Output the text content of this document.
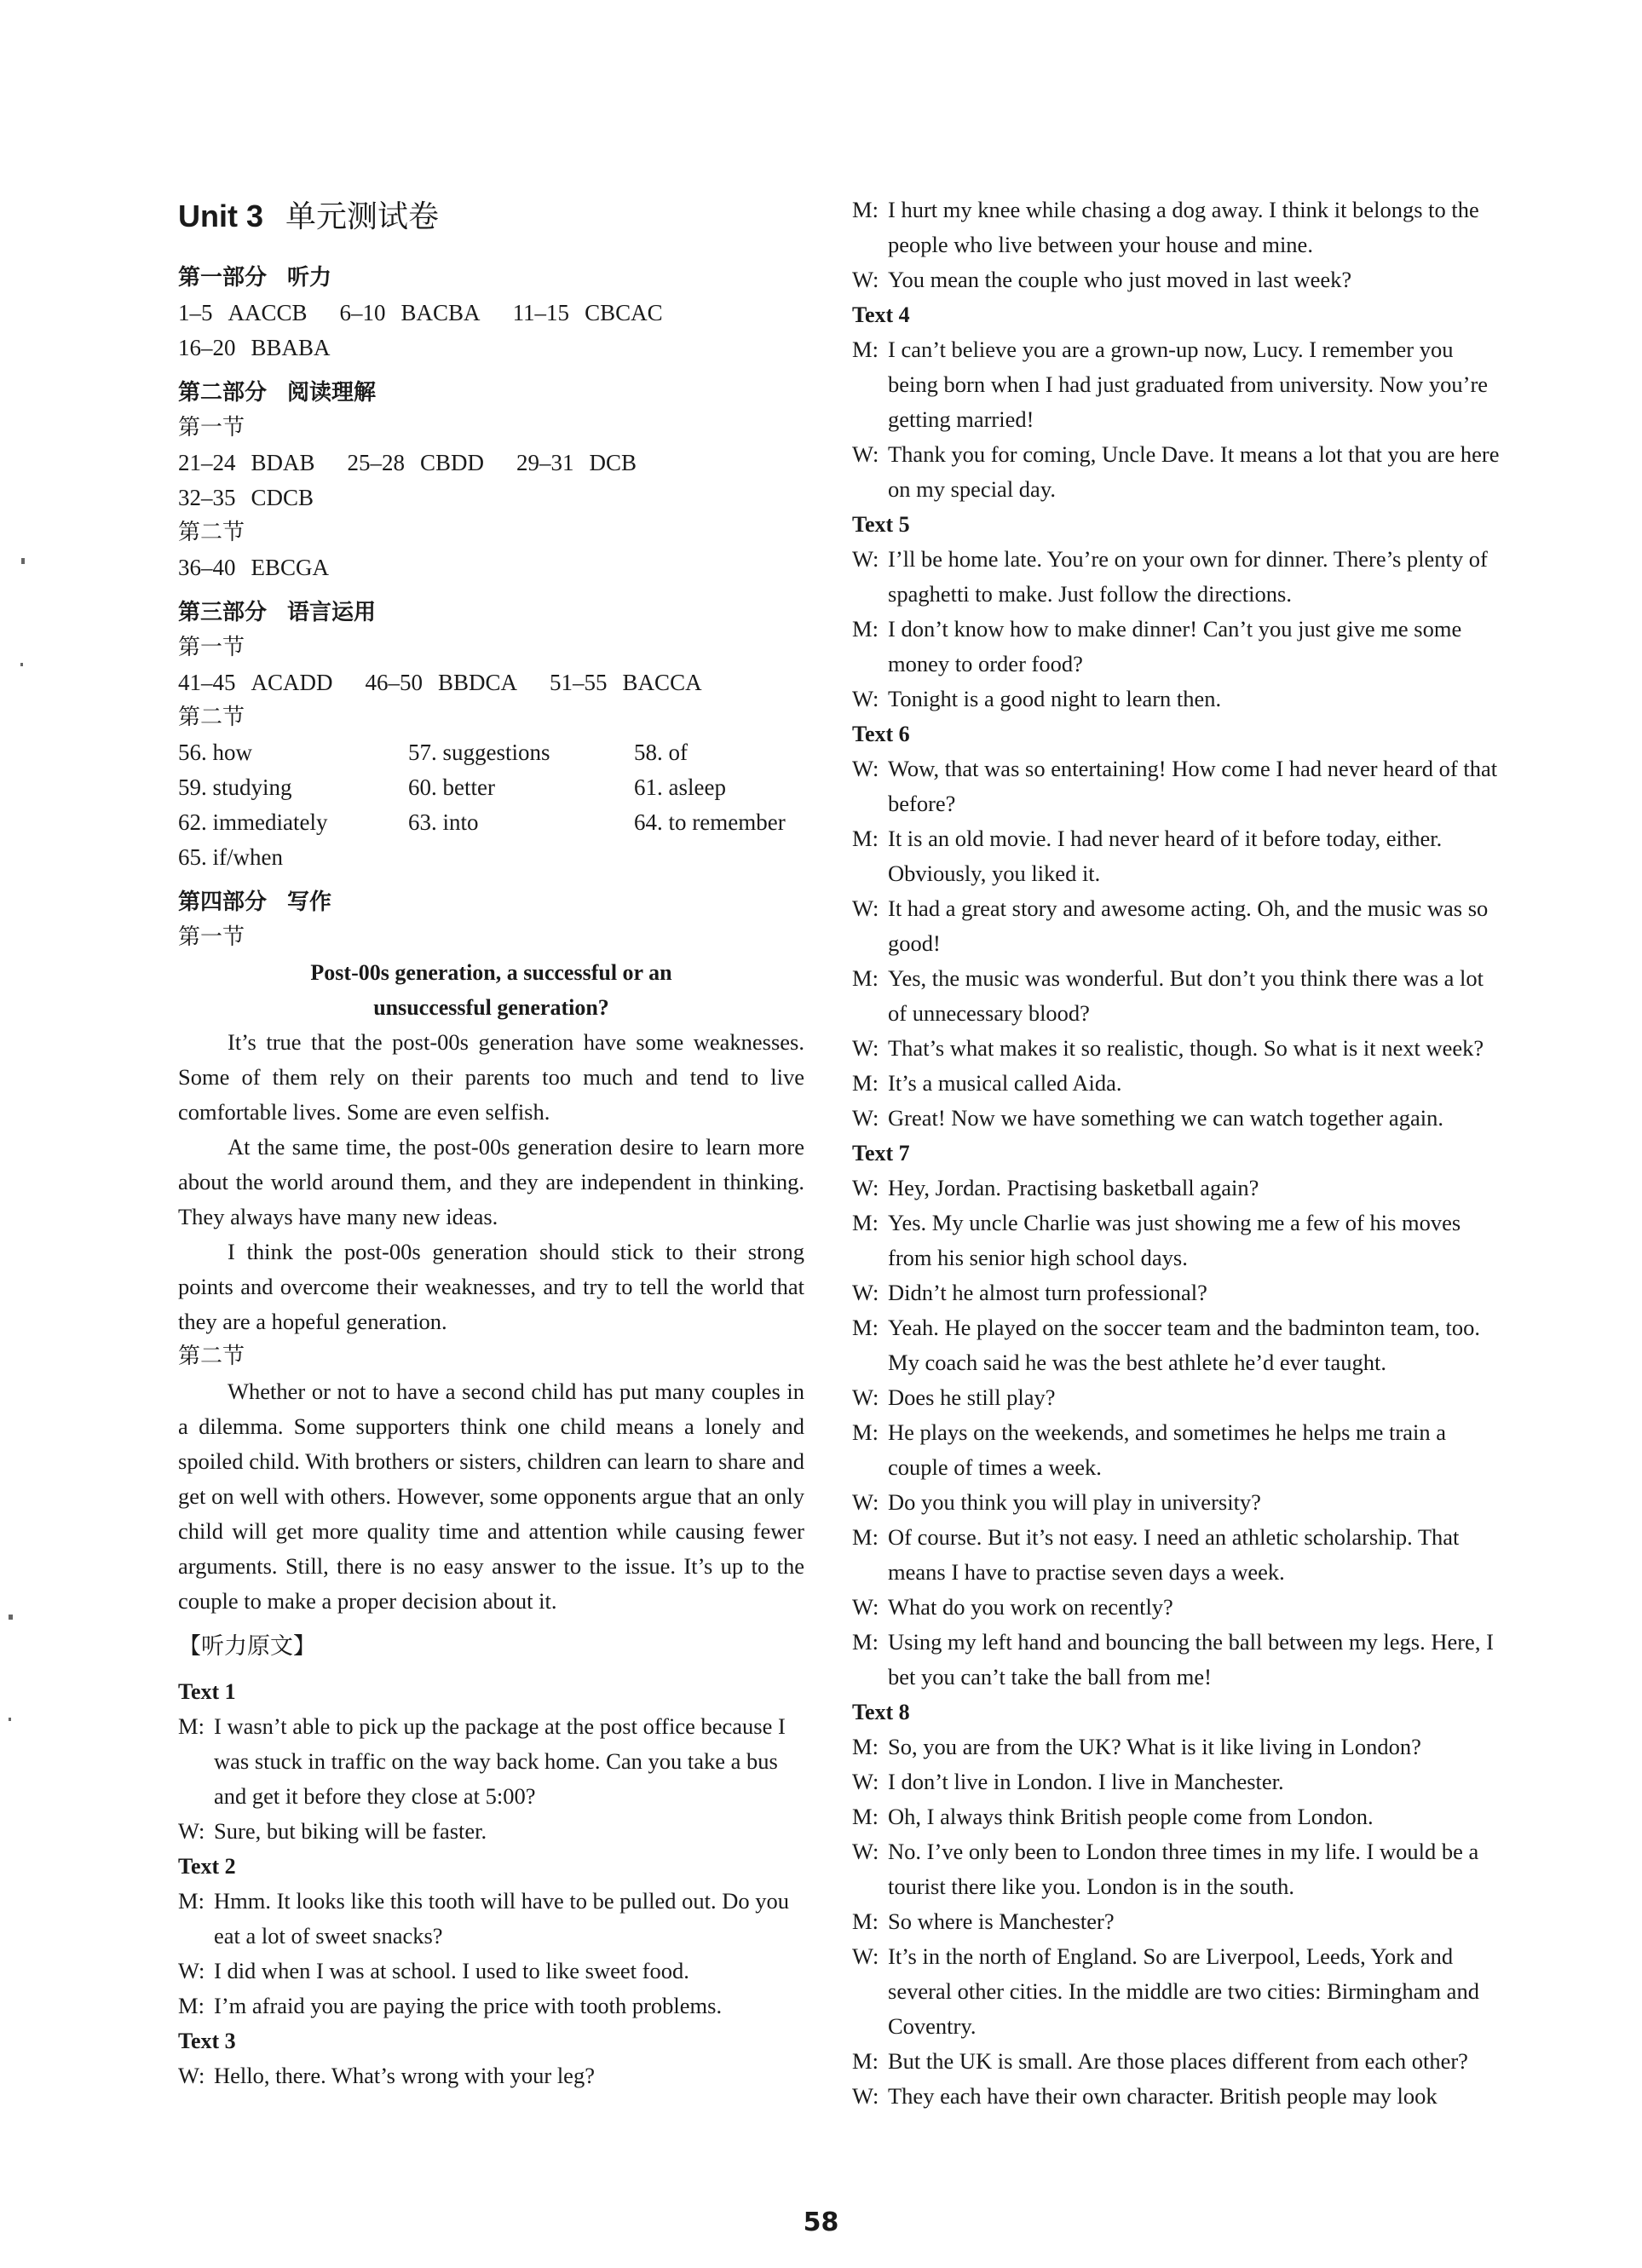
Unit 3 单元测试卷
第一部分 听力
1–5 AACCB 6–10 BACBA 11–15 CBCAC
16–20 BBABA
第二部分 阅读理解
第一节
21–24 BDAB 25–28 CBDD 29–31 DCB
32–35 CDCB
第二节
36–40 EBCGA
第三部分 语言运用
第一节
41–45 ACADD 46–50 BBDCA 51–55 BACCA
第二节
56. how	57. suggestions	58. of
59. studying	60. better	61. asleep
62. immediately	63. into	64. to remember
65. if/when
第四部分 写作
第一节
Post-00s generation, a successful or an
unsuccessful generation?

It’s true that the post-00s generation have some weaknesses. Some of them rely on their parents too much and tend to live comfortable lives. Some are even selfish.

At the same time, the post-00s generation desire to learn more about the world around them, and they are independent in thinking. They always have many new ideas.

I think the post-00s generation should stick to their strong points and overcome their weaknesses, and try to tell the world that they are a hopeful generation.

第二节

Whether or not to have a second child has put many couples in a dilemma. Some supporters think one child means a lonely and spoiled child. With brothers or sisters, children can learn to share and get on well with others. However, some opponents argue that an only child will get more quality time and attention while causing fewer arguments. Still, there is no easy answer to the issue. It’s up to the couple to make a proper decision about it.

【听力原文】
Text 1

M: I wasn’t able to pick up the package at the post office because I was stuck in traffic on the way back home. Can you take a bus and get it before they close at 5:00?

W: Sure, but biking will be faster.

Text 2

M: Hmm. It looks like this tooth will have to be pulled out. Do you eat a lot of sweet snacks?

W: I did when I was at school. I used to like sweet food.

M: I’m afraid you are paying the price with tooth problems.

Text 3

W: Hello, there. What’s wrong with your leg?

M: I hurt my knee while chasing a dog away. I think it belongs to the people who live between your house and mine.

W: You mean the couple who just moved in last week?

Text 4

M: I can’t believe you are a grown-up now, Lucy. I remember you being born when I had just graduated from university. Now you’re getting married!

W: Thank you for coming, Uncle Dave. It means a lot that you are here on my special day.

Text 5

W: I’ll be home late. You’re on your own for dinner. There’s plenty of spaghetti to make. Just follow the directions.

M: I don’t know how to make dinner! Can’t you just give me some money to order food?

W: Tonight is a good night to learn then.

Text 6

W: Wow, that was so entertaining! How come I had never heard of that before?

M: It is an old movie. I had never heard of it before today, either. Obviously, you liked it.

W: It had a great story and awesome acting. Oh, and the music was so good!

M: Yes, the music was wonderful. But don’t you think there was a lot of unnecessary blood?

W: That’s what makes it so realistic, though. So what is it next week?

M: It’s a musical called Aida.

W: Great! Now we have something we can watch together again.

Text 7

W: Hey, Jordan. Practising basketball again?

M: Yes. My uncle Charlie was just showing me a few of his moves from his senior high school days.

W: Didn’t he almost turn professional?

M: Yeah. He played on the soccer team and the badminton team, too. My coach said he was the best athlete he’d ever taught.

W: Does he still play?

M: He plays on the weekends, and sometimes he helps me train a couple of times a week.

W: Do you think you will play in university?

M: Of course. But it’s not easy. I need an athletic scholarship. That means I have to practise seven days a week.

W: What do you work on recently?

M: Using my left hand and bouncing the ball between my legs. Here, I bet you can’t take the ball from me!

Text 8

M: So, you are from the UK? What is it like living in London?

W: I don’t live in London. I live in Manchester.

M: Oh, I always think British people come from London.

W: No. I’ve only been to London three times in my life. I would be a tourist there like you. London is in the south.

M: So where is Manchester?

W: It’s in the north of England. So are Liverpool, Leeds, York and several other cities. In the middle are two cities: Birmingham and Coventry.

M: But the UK is small. Are those places different from each other?

W: They each have their own character. British people may look

58
